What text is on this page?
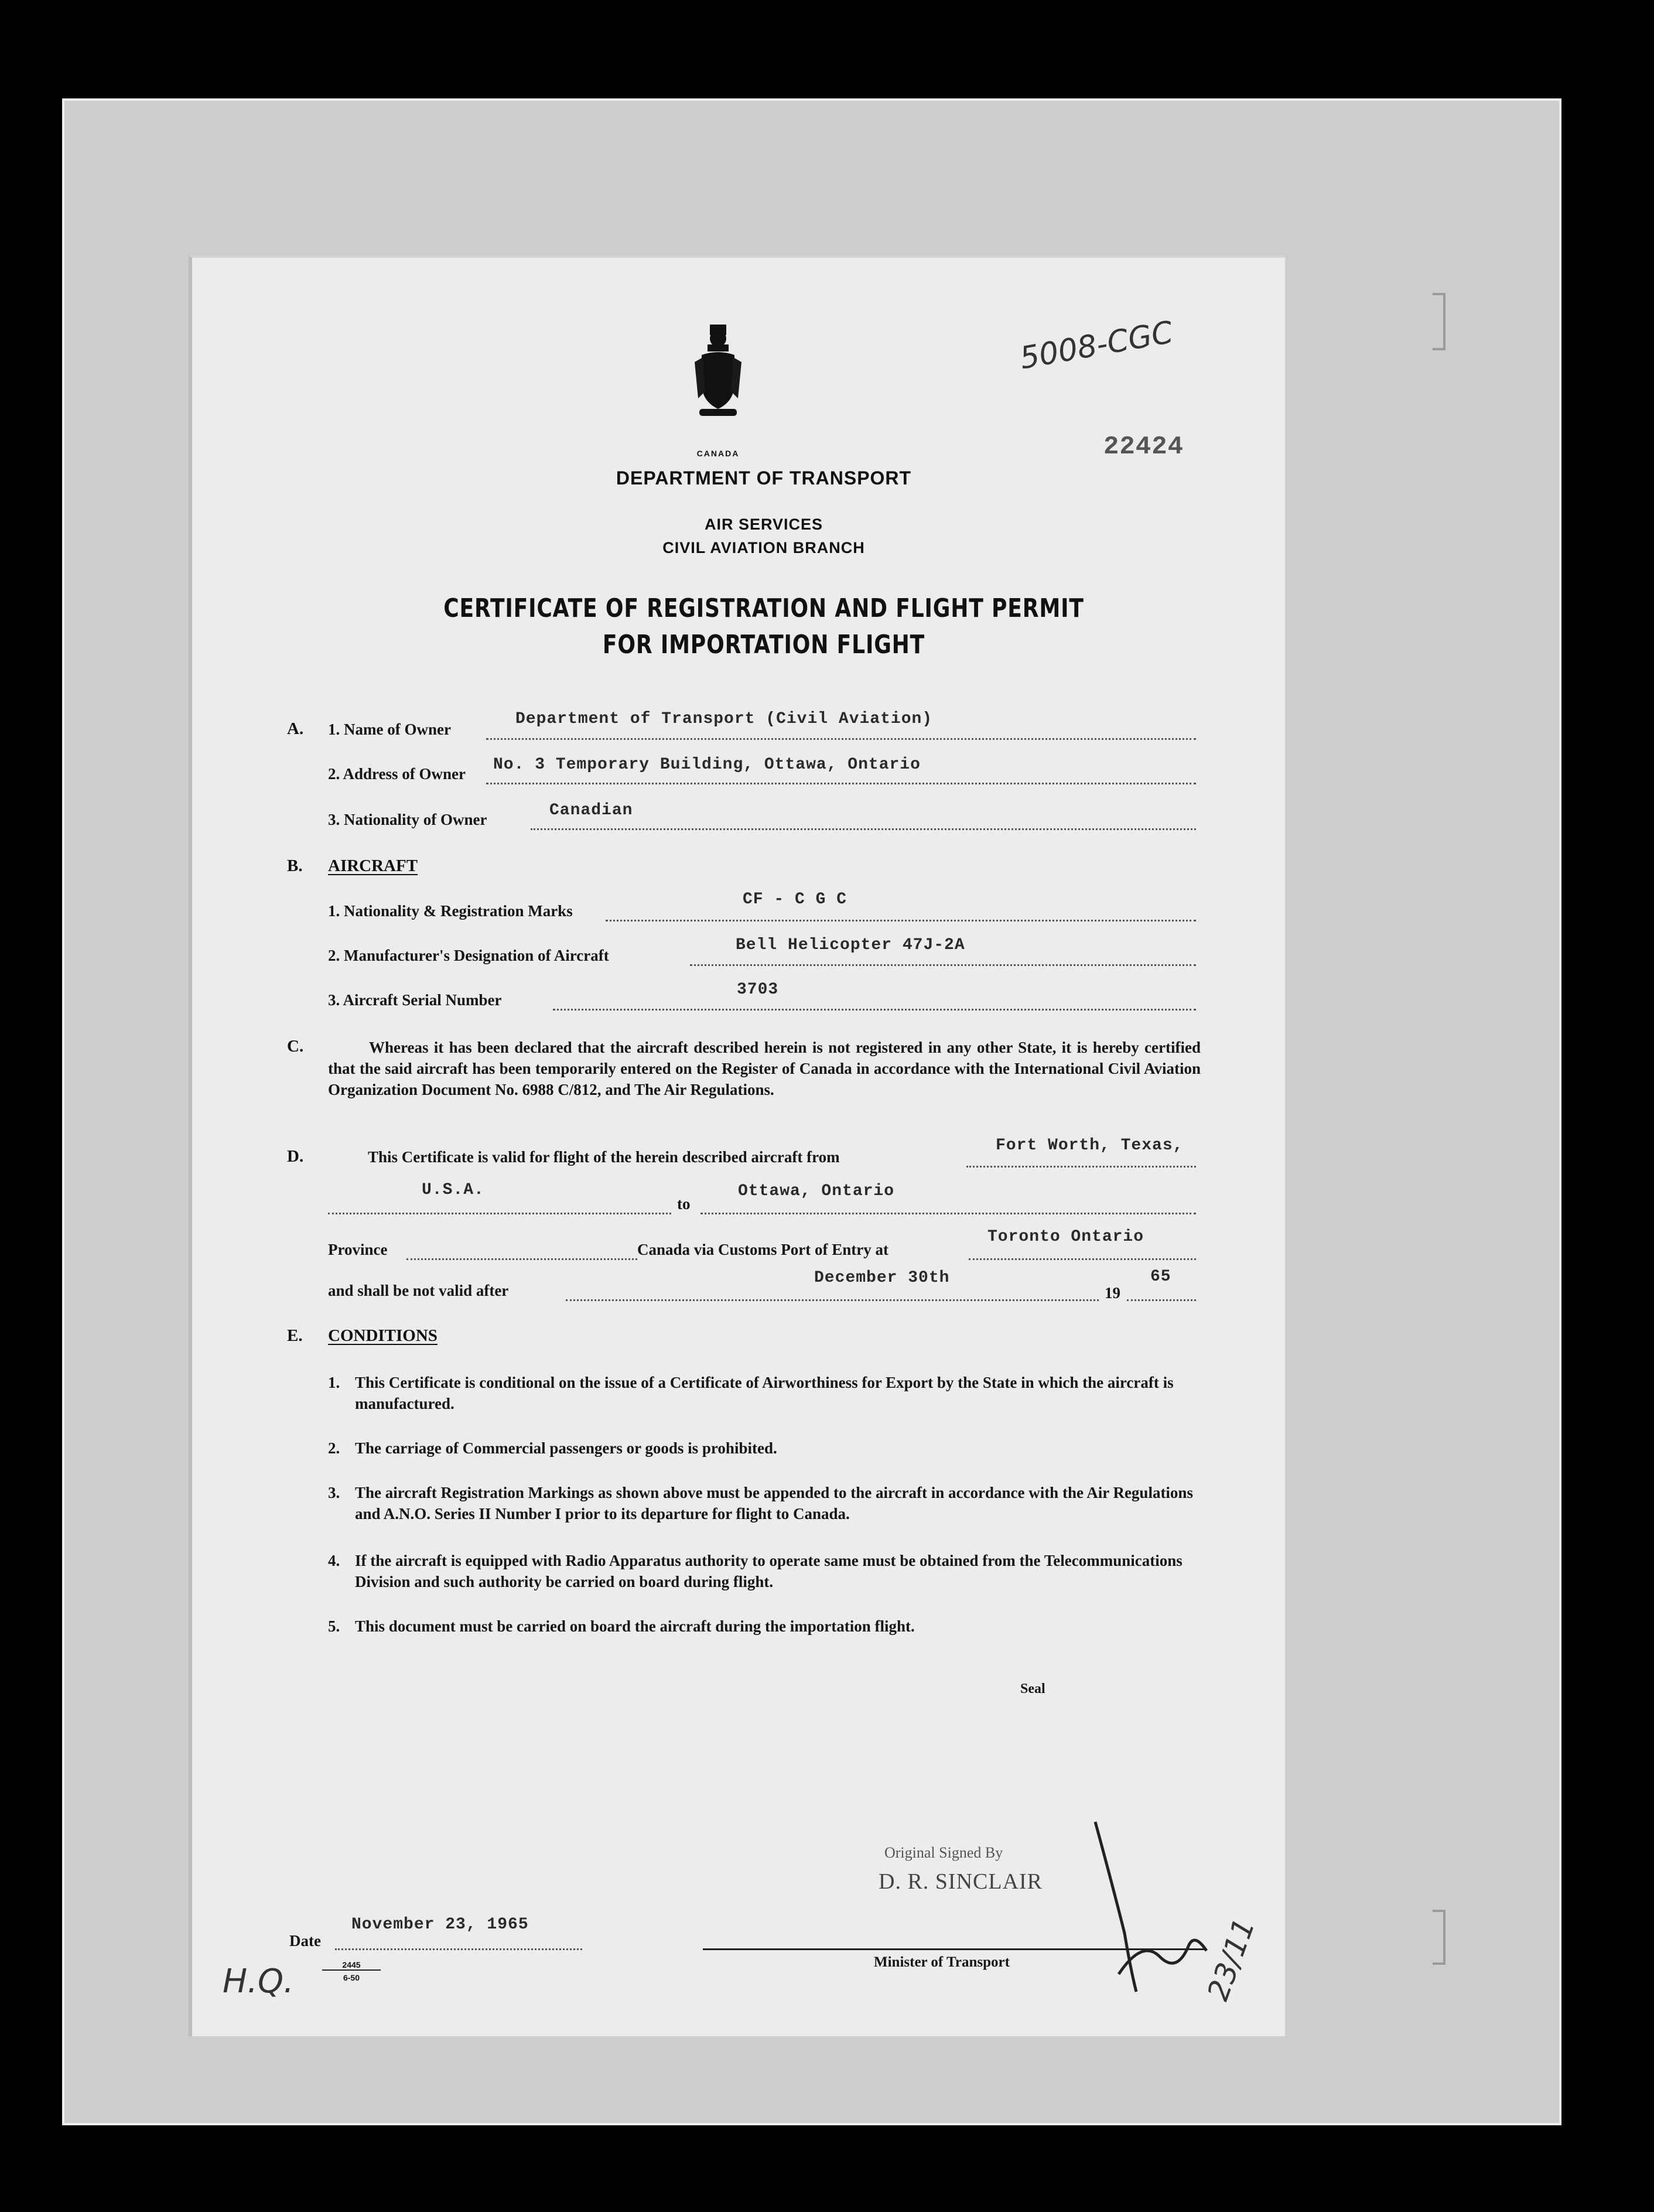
CANADA
DEPARTMENT OF TRANSPORT
AIR SERVICES
CIVIL AVIATION BRANCH
5008-CGC
22424
CERTIFICATE OF REGISTRATION AND FLIGHT PERMIT
FOR IMPORTATION FLIGHT
A. 1. Name of Owner
Department of Transport (Civil Aviation)
2. Address of Owner No. 3 Temporary Building, Ottawa, Ontario
3. Nationality of Owner	Canadian
B. AIRCRAFT
1. Nationality & Registration Marks
CF - C G C
2. Manufacturer's Designation of Aircraft
Bell Helicopter 47J-2A
3. Aircraft Serial Number
3703
C.	Whereas it has been declared that the aircraft described herein is not registered in any other State, it is hereby certified that the said aircraft has been temporarily entered on the Register of Canada in accordance with the International Civil Aviation Organization Document No. 6988 C/812, and The Air Regulations.
D.	This Certificate is valid for flight of the herein described aircraft from
Fort Worth, Texas,
U.S.A.
to
Ottawa, Ontario
Province	Canada via Customs Port of Entry at
Toronto Ontario
and shall be not valid after
December 30th
19
65
E. CONDITIONS
1. This Certificate is conditional on the issue of a Certificate of Airworthiness for Export by the State in which the aircraft is manufactured.
2. The carriage of Commercial passengers or goods is prohibited.
3. The aircraft Registration Markings as shown above must be appended to the aircraft in accordance with the Air Regulations and A.N.O. Series II Number I prior to its departure for flight to Canada.
4. If the aircraft is equipped with Radio Apparatus authority to operate same must be obtained from the Telecommunications Division and such authority be carried on board during flight.
5. This document must be carried on board the aircraft during the importation flight.
Seal
Original Signed By
D. R. SINCLAIR
Minister of Transport	23/11
Date
November 23, 1965
2445
6-50
H.Q.
